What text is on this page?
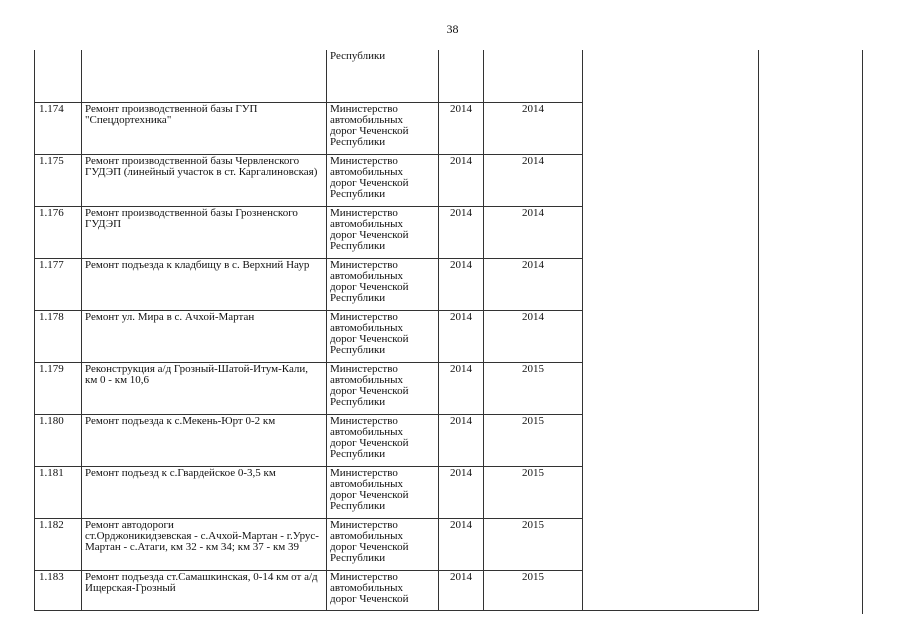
38
		Республики			
1.174	Ремонт производственной базы ГУП "Спецдортехника"	Министерство
автомобильных
дорог Чеченской
Республики	2014	2014	
1.175	Ремонт производственной базы Червленского ГУДЭП (линейный участок в ст. Каргалиновская)	Министерство
автомобильных
дорог Чеченской
Республики	2014	2014	
1.176	Ремонт производственной базы Грозненского ГУДЭП	Министерство
автомобильных
дорог Чеченской
Республики	2014	2014	
1.177	Ремонт подъезда к кладбищу в с. Верхний Наур	Министерство
автомобильных
дорог Чеченской
Республики	2014	2014	
1.178	Ремонт ул. Мира в с. Ачхой-Мартан	Министерство
автомобильных
дорог Чеченской
Республики	2014	2014	
1.179	Реконструкция а/д Грозный-Шатой-Итум-Кали, км 0 - км 10,6	Министерство
автомобильных
дорог Чеченской
Республики	2014	2015	
1.180	Ремонт подъезда к с.Мекень-Юрт 0-2 км	Министерство
автомобильных
дорог Чеченской
Республики	2014	2015	
1.181	Ремонт подъезд к с.Гвардейское 0-3,5 км	Министерство
автомобильных
дорог Чеченской
Республики	2014	2015	
1.182	Ремонт автодороги
ст.Орджоникидзевская - с.Ачхой-Мартан - г.Урус- Мартан - с.Атаги, км 32 - км 34; км 37 - км 39	Министерство
автомобильных
дорог Чеченской
Республики	2014	2015	
1.183	Ремонт подъезда ст.Самашкинская, 0-14 км от а/д Ищерская-Грозный	Министерство
автомобильных
дорог Чеченской	2014	2015	
